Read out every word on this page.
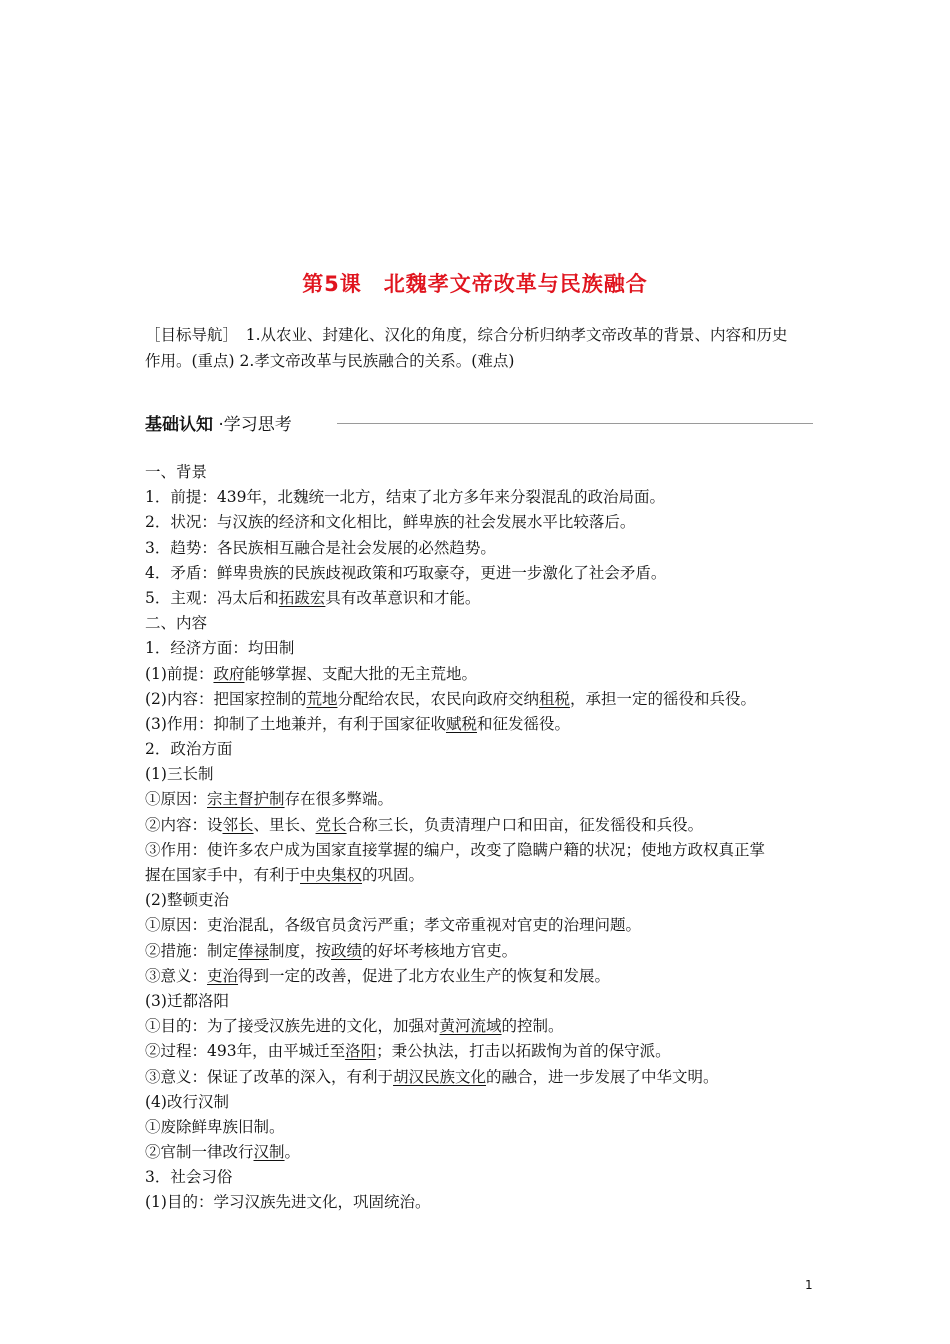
第5课　北魏孝文帝改革与民族融合
［目标导航］　1.从农业、封建化、汉化的角度，综合分析归纳孝文帝改革的背景、内容和历史
作用。(重点) 2.孝文帝改革与民族融合的关系。(难点)
基础认知 ·学习思考
一、背景
1．前提：439年，北魏统一北方，结束了北方多年来分裂混乱的政治局面。
2．状况：与汉族的经济和文化相比，鲜卑族的社会发展水平比较落后。
3．趋势：各民族相互融合是社会发展的必然趋势。
4．矛盾：鲜卑贵族的民族歧视政策和巧取豪夺，更进一步激化了社会矛盾。
5．主观：冯太后和拓跋宏具有改革意识和才能。
二、内容
1．经济方面：均田制
(1)前提：政府能够掌握、支配大批的无主荒地。
(2)内容：把国家控制的荒地分配给农民，农民向政府交纳租税，承担一定的徭役和兵役。
(3)作用：抑制了土地兼并，有利于国家征收赋税和征发徭役。
2．政治方面
(1)三长制
①原因：宗主督护制存在很多弊端。
②内容：设邻长、里长、党长合称三长，负责清理户口和田亩，征发徭役和兵役。
③作用：使许多农户成为国家直接掌握的编户，改变了隐瞒户籍的状况；使地方政权真正掌
握在国家手中，有利于中央集权的巩固。
(2)整顿吏治
①原因：吏治混乱，各级官员贪污严重；孝文帝重视对官吏的治理问题。
②措施：制定俸禄制度，按政绩的好坏考核地方官吏。
③意义：吏治得到一定的改善，促进了北方农业生产的恢复和发展。
(3)迁都洛阳
①目的：为了接受汉族先进的文化，加强对黄河流域的控制。
②过程：493年，由平城迁至洛阳；秉公执法，打击以拓跋恂为首的保守派。
③意义：保证了改革的深入，有利于胡汉民族文化的融合，进一步发展了中华文明。
(4)改行汉制
①废除鲜卑族旧制。
②官制一律改行汉制。
3．社会习俗
(1)目的：学习汉族先进文化，巩固统治。
1
